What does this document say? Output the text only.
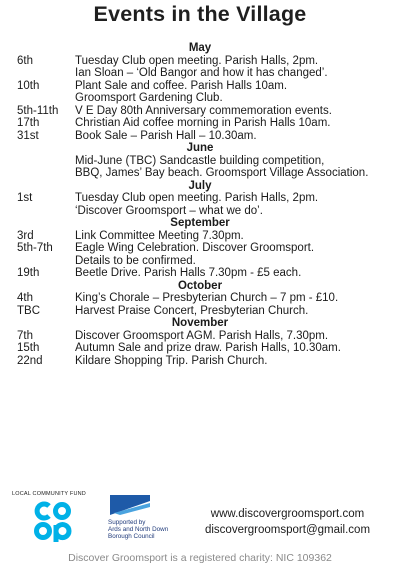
Events in the Village
May
6th	Tuesday Club open meeting. Parish Halls, 2pm.
Ian Sloan – ‘Old Bangor and how it has changed’.
10th	Plant Sale and coffee. Parish Halls 10am.
Groomsport Gardening Club.
5th-11th	V E Day 80th Anniversary commemoration events.
17th	Christian Aid coffee morning in Parish Halls 10am.
31st	Book Sale – Parish Hall – 10.30am.
June
Mid-June (TBC) Sandcastle building competition,
BBQ, James’ Bay beach. Groomsport Village Association.
July
1st	Tuesday Club open meeting. Parish Halls, 2pm.
‘Discover Groomsport – what we do’.
September
3rd	Link Committee Meeting 7.30pm.
5th-7th	Eagle Wing Celebration. Discover Groomsport.
Details to be confirmed.
19th	Beetle Drive. Parish Halls 7.30pm - £5 each.
October
4th	King’s Chorale – Presbyterian Church – 7 pm - £10.
TBC	Harvest Praise Concert, Presbyterian Church.
November
7th	Discover Groomsport AGM. Parish Halls, 7.30pm.
15th	Autumn Sale and prize draw. Parish Halls, 10.30am.
22nd	Kildare Shopping Trip. Parish Church.
LOCAL COMMUNITY FUND
Supported by
Ards and North Down
Borough Council
www.discovergroomsport.com
discovergroomsport@gmail.com
Discover Groomsport is a registered charity: NIC 109362
